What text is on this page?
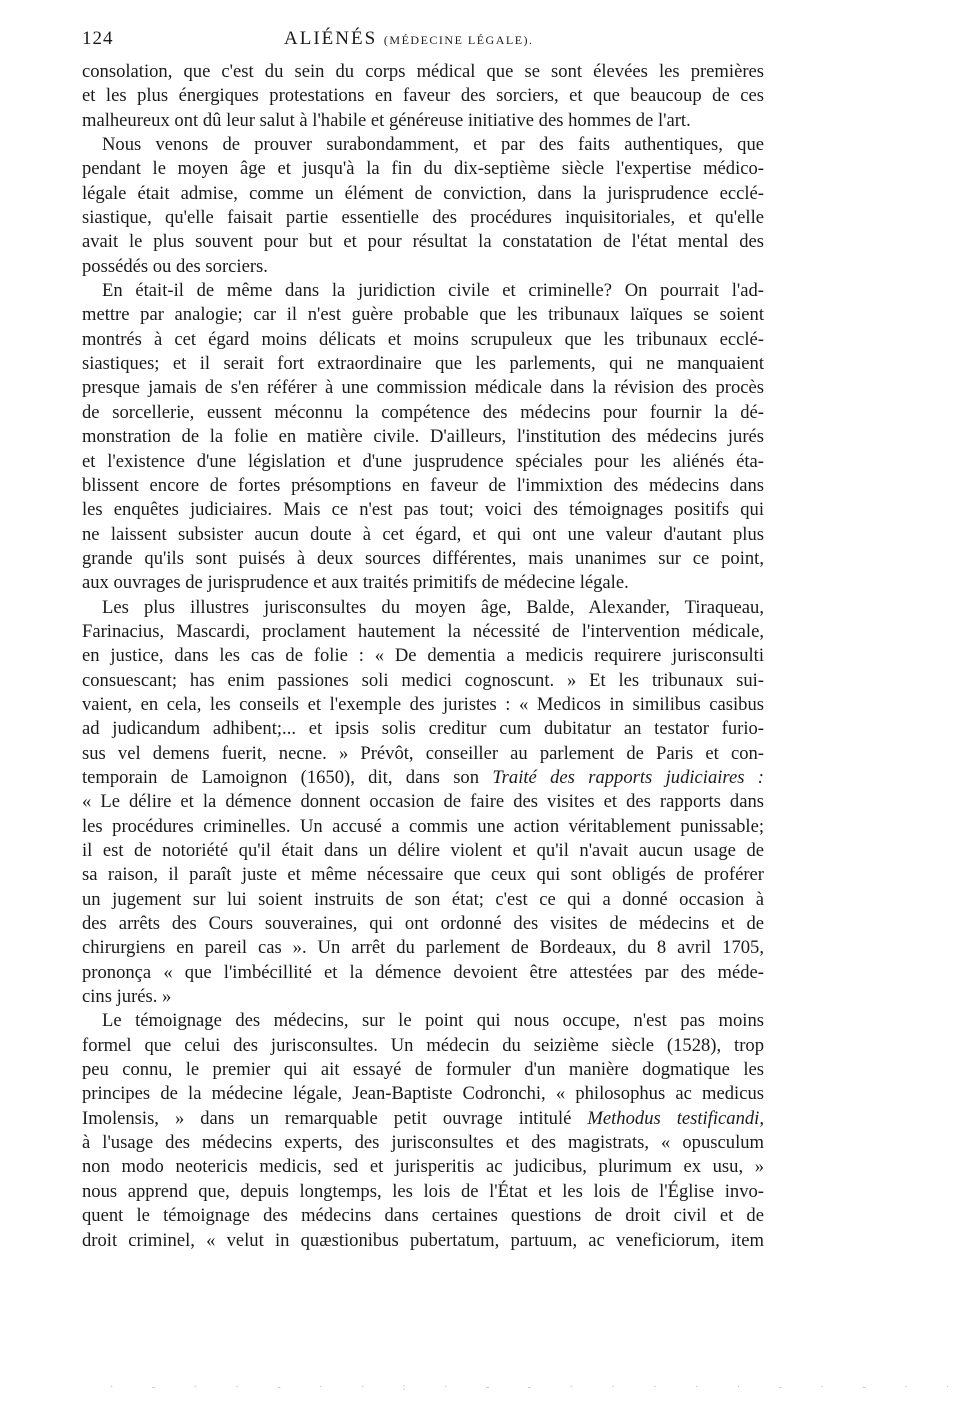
124	ALIÉNÉS (MÉDECINE LÉGALE).
consolation, que c'est du sein du corps médical que se sont élevées les premières
et les plus énergiques protestations en faveur des sorciers, et que beaucoup de ces
malheureux ont dû leur salut à l'habile et généreuse initiative des hommes de l'art.
Nous venons de prouver surabondamment, et par des faits authentiques, que
pendant le moyen âge et jusqu'à la fin du dix-septième siècle l'expertise médico-
légale était admise, comme un élément de conviction, dans la jurisprudence ecclé-
siastique, qu'elle faisait partie essentielle des procédures inquisitoriales, et qu'elle
avait le plus souvent pour but et pour résultat la constatation de l'état mental des
possédés ou des sorciers.
En était-il de même dans la juridiction civile et criminelle? On pourrait l'ad-
mettre par analogie; car il n'est guère probable que les tribunaux laïques se soient
montrés à cet égard moins délicats et moins scrupuleux que les tribunaux ecclé-
siastiques; et il serait fort extraordinaire que les parlements, qui ne manquaient
presque jamais de s'en référer à une commission médicale dans la révision des procès
de sorcellerie, eussent méconnu la compétence des médecins pour fournir la dé-
monstration de la folie en matière civile. D'ailleurs, l'institution des médecins jurés
et l'existence d'une législation et d'une jusprudence spéciales pour les aliénés éta-
blissent encore de fortes présomptions en faveur de l'immixtion des médecins dans
les enquêtes judiciaires. Mais ce n'est pas tout; voici des témoignages positifs qui
ne laissent subsister aucun doute à cet égard, et qui ont une valeur d'autant plus
grande qu'ils sont puisés à deux sources différentes, mais unanimes sur ce point,
aux ouvrages de jurisprudence et aux traités primitifs de médecine légale.
Les plus illustres jurisconsultes du moyen âge, Balde, Alexander, Tiraqueau,
Farinacius, Mascardi, proclament hautement la nécessité de l'intervention médicale,
en justice, dans les cas de folie : « De dementia a medicis requirere jurisconsulti
consuescant; has enim passiones soli medici cognoscunt. » Et les tribunaux sui-
vaient, en cela, les conseils et l'exemple des juristes : « Medicos in similibus casibus
ad judicandum adhibent;... et ipsis solis creditur cum dubitatur an testator furio-
sus vel demens fuerit, necne. » Prévôt, conseiller au parlement de Paris et con-
temporain de Lamoignon (1650), dit, dans son Traité des rapports judiciaires :
« Le délire et la démence donnent occasion de faire des visites et des rapports dans
les procédures criminelles. Un accusé a commis une action véritablement punissable;
il est de notoriété qu'il était dans un délire violent et qu'il n'avait aucun usage de
sa raison, il paraît juste et même nécessaire que ceux qui sont obligés de proférer
un jugement sur lui soient instruits de son état; c'est ce qui a donné occasion à
des arrêts des Cours souveraines, qui ont ordonné des visites de médecins et de
chirurgiens en pareil cas ». Un arrêt du parlement de Bordeaux, du 8 avril 1705,
prononça « que l'imbécillité et la démence devoient être attestées par des méde-
cins jurés. »
Le témoignage des médecins, sur le point qui nous occupe, n'est pas moins
formel que celui des jurisconsultes. Un médecin du seizième siècle (1528), trop
peu connu, le premier qui ait essayé de formuler d'un manière dogmatique les
principes de la médecine légale, Jean-Baptiste Codronchi, « philosophus ac medicus
Imolensis, » dans un remarquable petit ouvrage intitulé Methodus testificandi,
à l'usage des médecins experts, des jurisconsultes et des magistrats, « opusculum
non modo neotericis medicis, sed et jurisperitis ac judicibus, plurimum ex usu, »
nous apprend que, depuis longtemps, les lois de l'État et les lois de l'Église invo-
quent le témoignage des médecins dans certaines questions de droit civil et de
droit criminel, « velut in quæstionibus pubertatum, partuum, ac veneficiorum, item
· - · · - · · : · - - · · · · · - · - · ·
